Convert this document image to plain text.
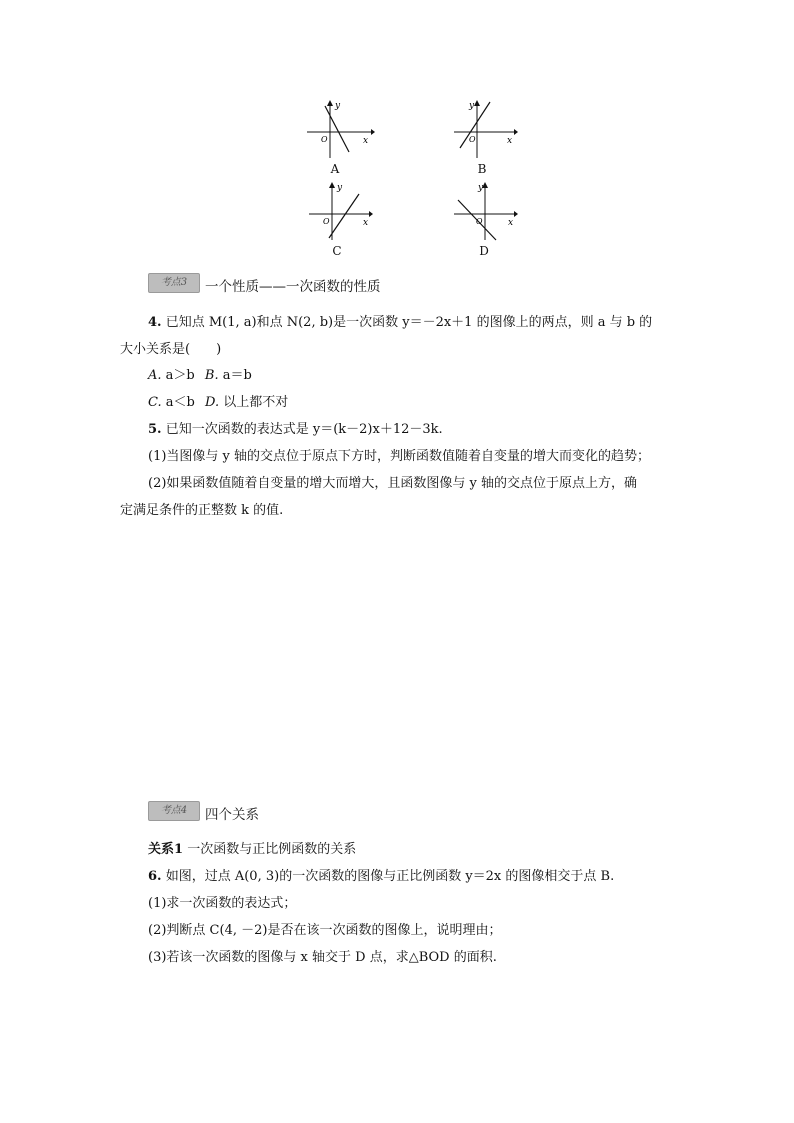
y
x
O
A
y
x
O
B
y
x
O
C
y
x
O
D
考点3	一个性质——一次函数的性质
4. 已知点 M(1, a)和点 N(2, b)是一次函数 y＝－2x＋1 的图像上的两点，则 a 与 b 的
大小关系是(　　)
A. a＞b B. a＝b
C. a＜b D. 以上都不对
5. 已知一次函数的表达式是 y＝(k－2)x＋12－3k.
(1)当图像与 y 轴的交点位于原点下方时，判断函数值随着自变量的增大而变化的趋势；
(2)如果函数值随着自变量的增大而增大，且函数图像与 y 轴的交点位于原点上方，确
定满足条件的正整数 k 的值.
考点4	四个关系
关系1 一次函数与正比例函数的关系
6. 如图，过点 A(0, 3)的一次函数的图像与正比例函数 y＝2x 的图像相交于点 B.
(1)求一次函数的表达式；
(2)判断点 C(4, －2)是否在该一次函数的图像上，说明理由；
(3)若该一次函数的图像与 x 轴交于 D 点，求△BOD 的面积.
